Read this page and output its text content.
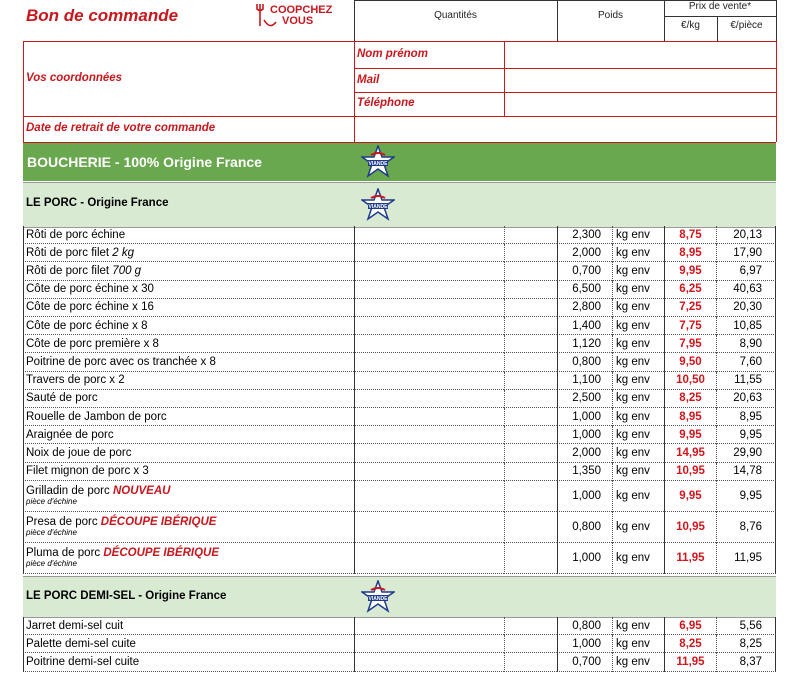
Bon de commande	COOPCHEZ
VOUS	Quantités	Poids
Prix de vente*
€/kg	€/pièce
Vos coordonnées
Nom prénom
Mail
Téléphone
Date de retrait de votre commande
BOUCHERIE - 100% Origine France	VIANDE
LE PORC - Origine France	VIANDE
Rôti de porc échine	2,300	kg env	8,75	20,13
Rôti de porc filet 2 kg	2,000	kg env	8,95	17,90
Rôti de porc filet 700 g	0,700	kg env	9,95	6,97
Côte de porc échine x 30	6,500	kg env	6,25	40,63
Côte de porc échine x 16	2,800	kg env	7,25	20,30
Côte de porc échine x 8	1,400	kg env	7,75	10,85
Côte de porc première x 8	1,120	kg env	7,95	8,90
Poitrine de porc avec os tranchée x 8	0,800	kg env	9,50	7,60
Travers de porc x 2	1,100	kg env	10,50	11,55
Sauté de porc	2,500	kg env	8,25	20,63
Rouelle de Jambon de porc	1,000	kg env	8,95	8,95
Araignée de porc	1,000	kg env	9,95	9,95
Noix de joue de porc	2,000	kg env	14,95	29,90
Filet mignon de porc x 3	1,350	kg env	10,95	14,78
Grilladin de porc NOUVEAU
pièce d'échine	1,000	kg env	9,95	9,95
Presa de porc DÉCOUPE IBÉRIQUE
pièce d'échine	0,800	kg env	10,95	8,76
Pluma de porc DÉCOUPE IBÉRIQUE
pièce d'échine	1,000	kg env	11,95	11,95
LE PORC DEMI-SEL - Origine France	VIANDE
Jarret demi-sel cuit	0,800	kg env	6,95	5,56
Palette demi-sel cuite	1,000	kg env	8,25	8,25
Poitrine demi-sel cuite	0,700	kg env	11,95	8,37
